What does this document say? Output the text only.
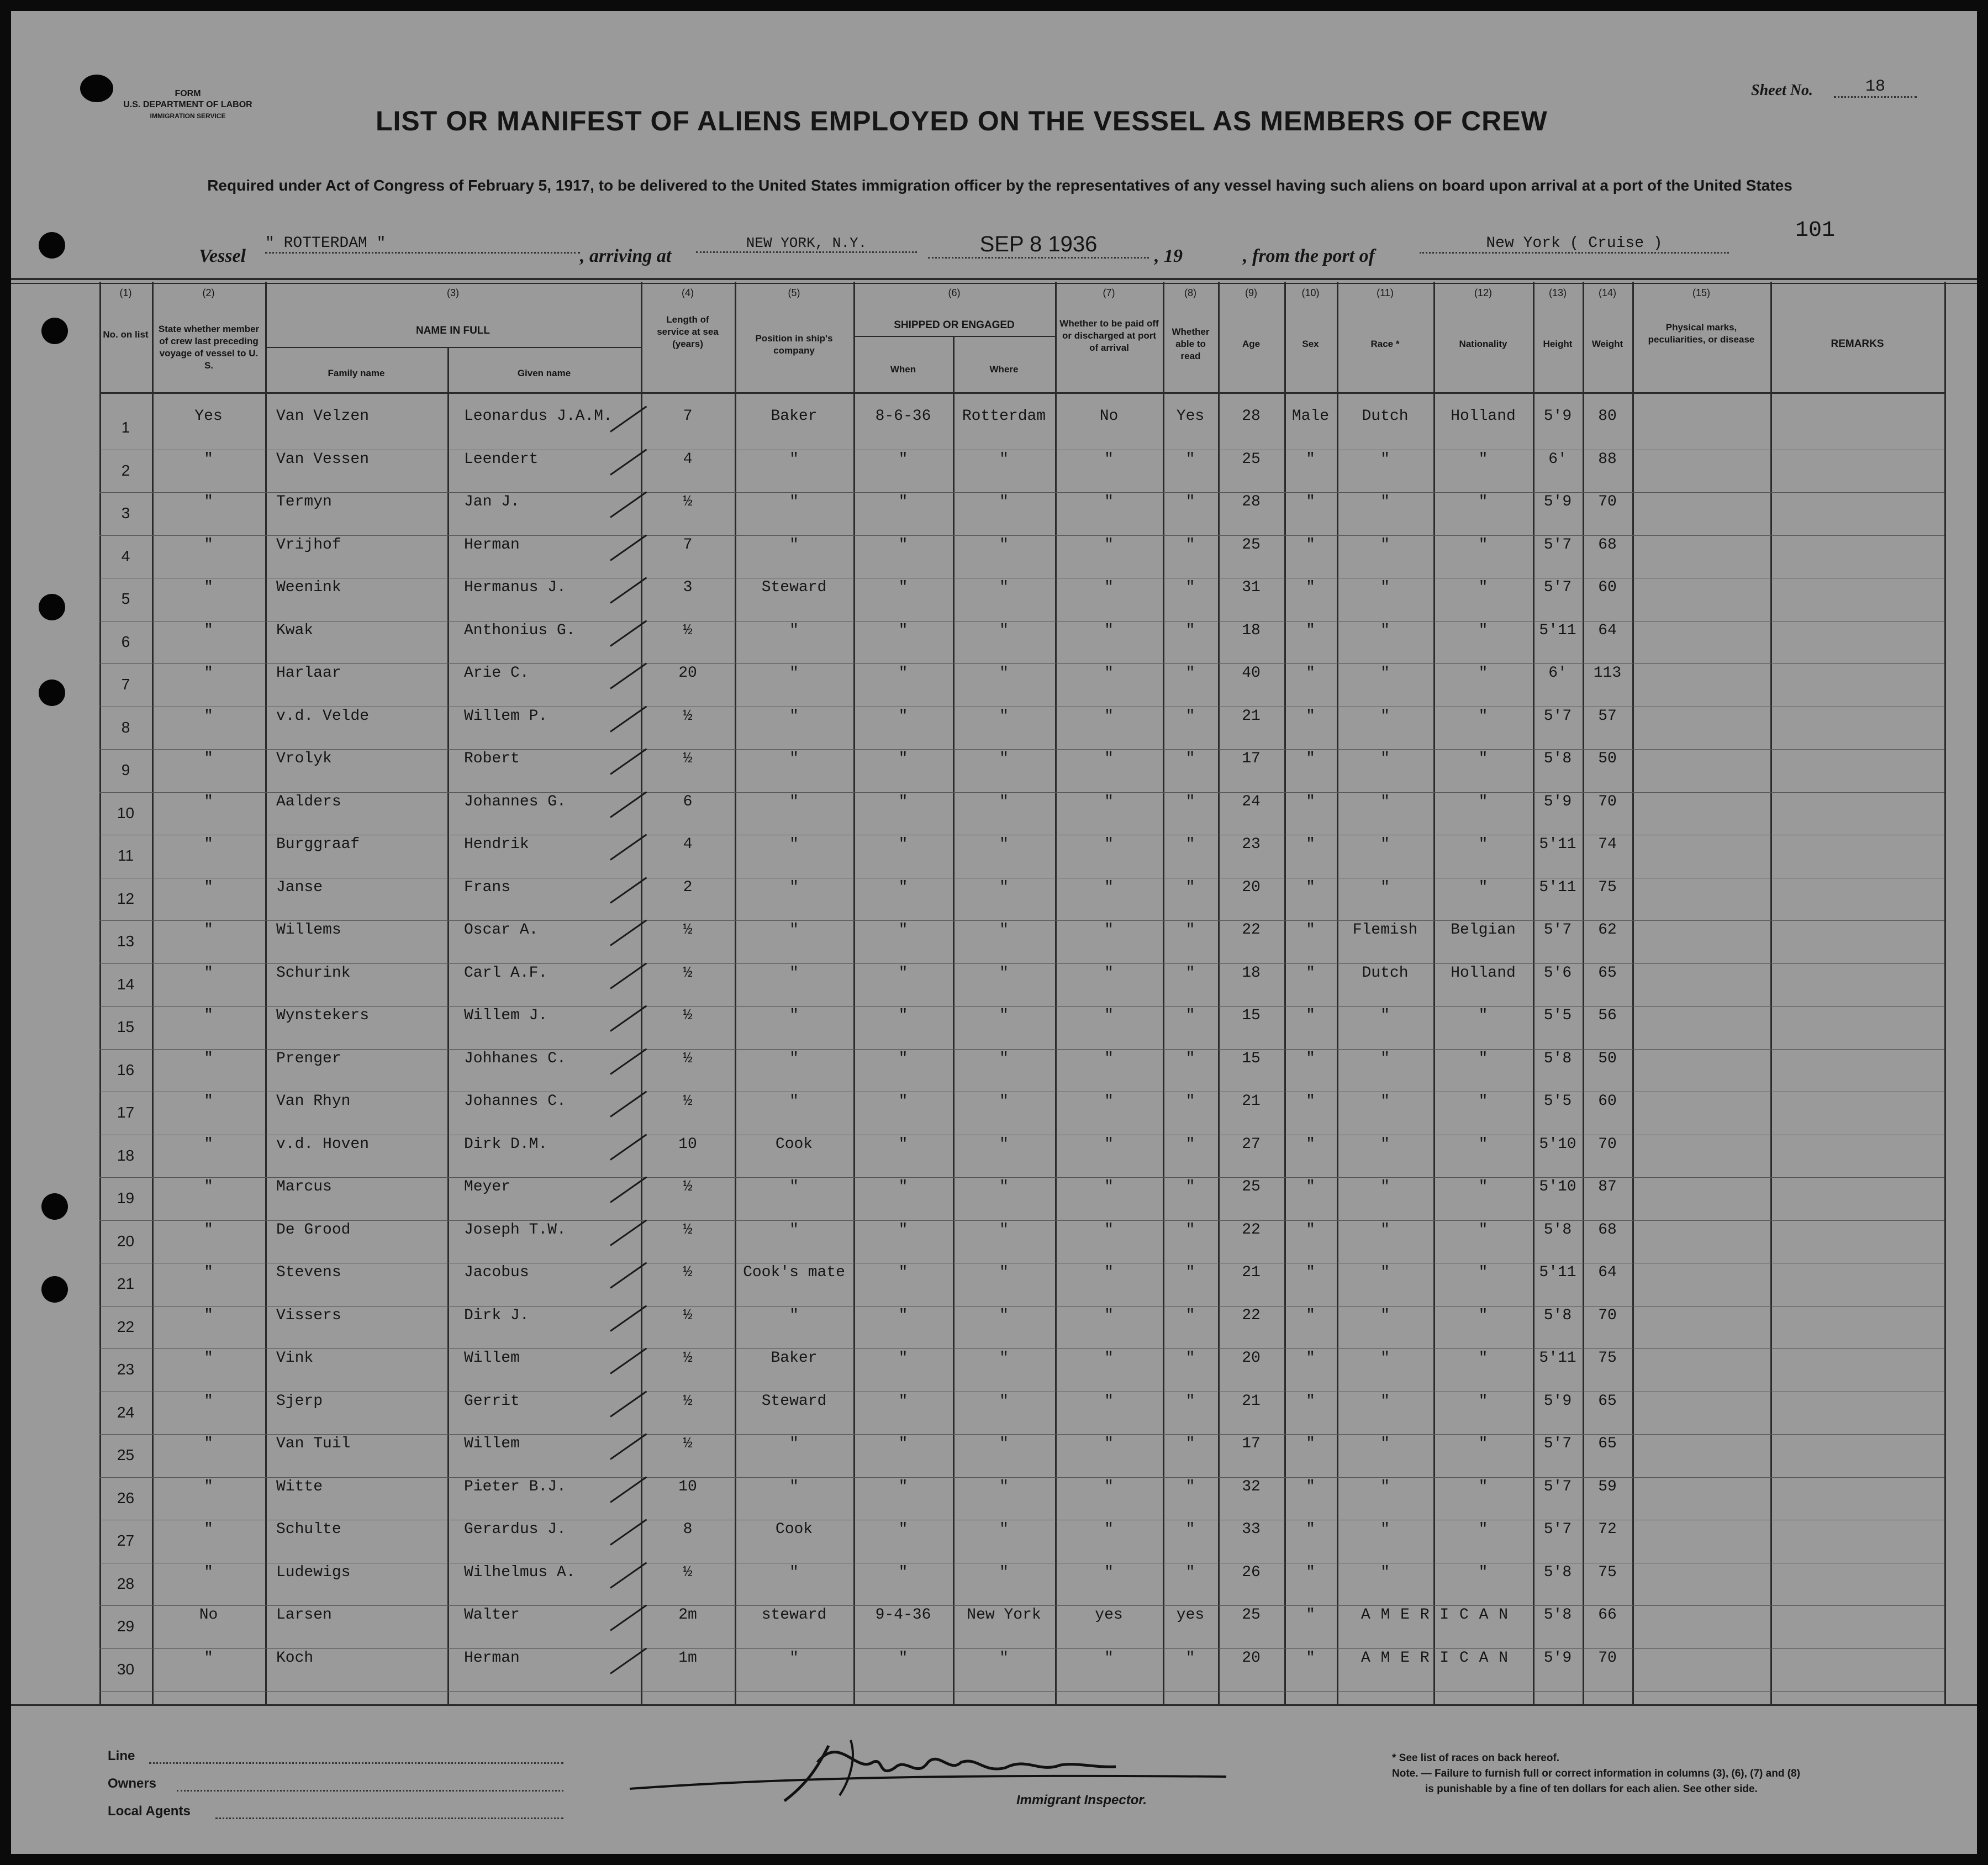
FORM
U.S. DEPARTMENT OF LABOR
IMMIGRATION SERVICE
Sheet No.	18
LIST OR MANIFEST OF ALIENS EMPLOYED ON THE VESSEL AS MEMBERS OF CREW
Required under Act of Congress of February 5, 1917, to be delivered to the United States immigration officer by the representatives of any vessel having such aliens on board upon arrival at a port of the United States
Vessel
" ROTTERDAM "
, arriving at
NEW YORK, N.Y.	SEP 8 1936	, 19	, from the port of
New York ( Cruise )
101
(1)	(2)	(3)	(4)	(5)	(6)	(7)	(8)	(9)	(10)	(11)	(12)	(13)	(14)	(15)
No. on list
State whether member of crew last preceding voyage of vessel to U. S.
NAME IN FULL
Family name	Given name
Length of service at sea (years)
Position in ship's company
SHIPPED OR ENGAGED
When	Where
Whether to be paid off or discharged at port of arrival
Whether able to read
Age	Sex	Race *	Nationality	Height	Weight
Physical marks, peculiarities, or disease	REMARKS
1
Yes	Van Velzen	Leonardus J.A.M.	7	Baker	8-6-36	Rotterdam	No	Yes	28	Male	Dutch	Holland	5'9	80
2
"	Van Vessen	Leendert	4	"	"	"	"	"	25	"	"	"	6'	88
3
"	Termyn	Jan J.	½	"	"	"	"	"	28	"	"	"	5'9	70
4
"	Vrijhof	Herman	7	"	"	"	"	"	25	"	"	"	5'7	68
5
"	Weenink	Hermanus J.	3	Steward	"	"	"	"	31	"	"	"	5'7	60
6
"	Kwak	Anthonius G.	½	"	"	"	"	"	18	"	"	"	5'11	64
7
"	Harlaar	Arie C.	20	"	"	"	"	"	40	"	"	"	6'	113
8
"	v.d. Velde	Willem P.	½	"	"	"	"	"	21	"	"	"	5'7	57
9
"	Vrolyk	Robert	½	"	"	"	"	"	17	"	"	"	5'8	50
10
"	Aalders	Johannes G.	6	"	"	"	"	"	24	"	"	"	5'9	70
11
"	Burggraaf	Hendrik	4	"	"	"	"	"	23	"	"	"	5'11	74
12
"	Janse	Frans	2	"	"	"	"	"	20	"	"	"	5'11	75
13
"	Willems	Oscar A.	½	"	"	"	"	"	22	"	Flemish	Belgian	5'7	62
14
"	Schurink	Carl A.F.	½	"	"	"	"	"	18	"	Dutch	Holland	5'6	65
15
"	Wynstekers	Willem J.	½	"	"	"	"	"	15	"	"	"	5'5	56
16
"	Prenger	Johhanes C.	½	"	"	"	"	"	15	"	"	"	5'8	50
17
"	Van Rhyn	Johannes C.	½	"	"	"	"	"	21	"	"	"	5'5	60
18
"	v.d. Hoven	Dirk D.M.	10	Cook	"	"	"	"	27	"	"	"	5'10	70
19
"	Marcus	Meyer	½	"	"	"	"	"	25	"	"	"	5'10	87
20
"	De Grood	Joseph T.W.	½	"	"	"	"	"	22	"	"	"	5'8	68
21
"	Stevens	Jacobus	½	Cook's mate	"	"	"	"	21	"	"	"	5'11	64
22
"	Vissers	Dirk J.	½	"	"	"	"	"	22	"	"	"	5'8	70
23
"	Vink	Willem	½	Baker	"	"	"	"	20	"	"	"	5'11	75
24
"	Sjerp	Gerrit	½	Steward	"	"	"	"	21	"	"	"	5'9	65
25
"	Van Tuil	Willem	½	"	"	"	"	"	17	"	"	"	5'7	65
26
"	Witte	Pieter B.J.	10	"	"	"	"	"	32	"	"	"	5'7	59
27
"	Schulte	Gerardus J.	8	Cook	"	"	"	"	33	"	"	"	5'7	72
28
"	Ludewigs	Wilhelmus A.	½	"	"	"	"	"	26	"	"	"	5'8	75
29
No	Larsen	Walter	2m	steward	9-4-36	New York	yes	yes	25	"	A M E R I C A N	5'8	66
30
"	Koch	Herman	1m	"	"	"	"	"	20	"	A M E R I C A N	5'9	70
Line
Owners
Local Agents
Immigrant Inspector.
* See list of races on back hereof.
Note. — Failure to furnish full or correct information in columns (3), (6), (7) and (8)
is punishable by a fine of ten dollars for each alien. See other side.
